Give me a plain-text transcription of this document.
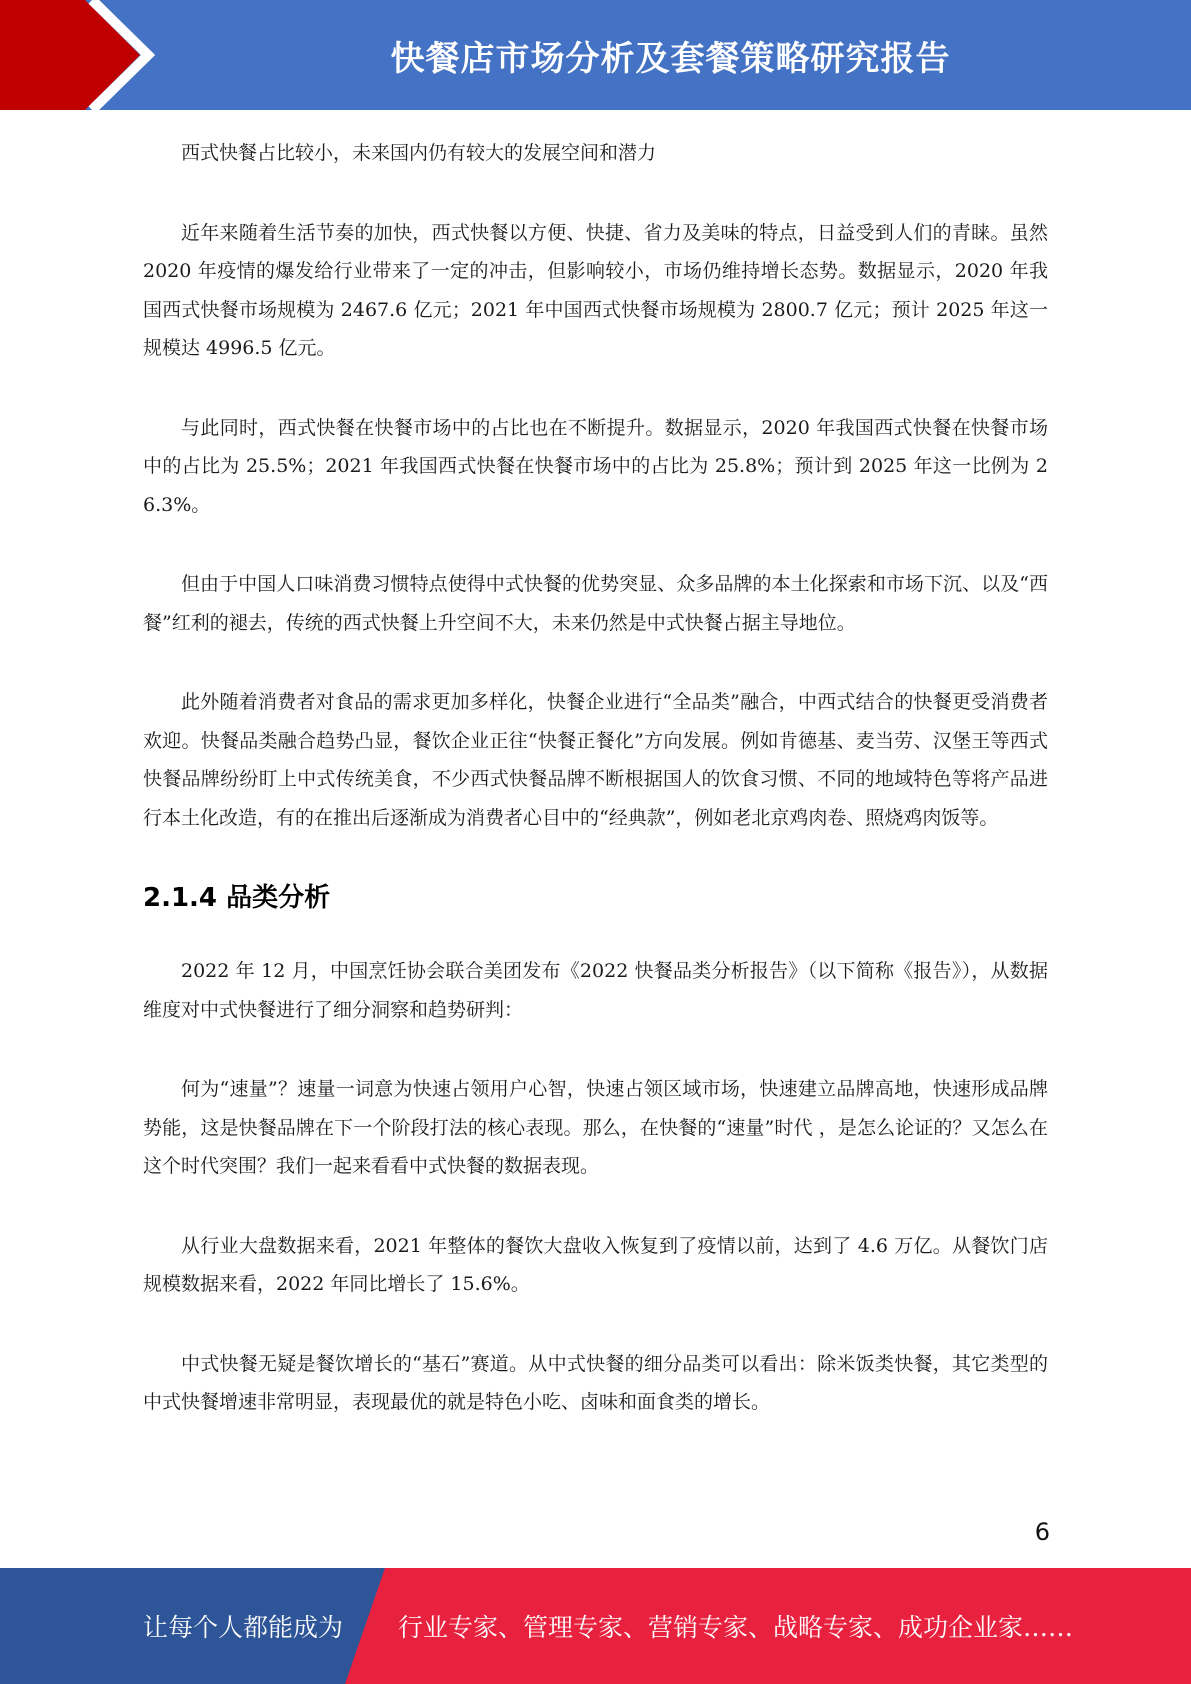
快餐店市场分析及套餐策略研究报告

西式快餐占比较小，未来国内仍有较大的发展空间和潜力

近年来随着生活节奏的加快，西式快餐以方便、快捷、省力及美味的特点，日益受到人们的青睐。虽然 2020 年疫情的爆发给行业带来了一定的冲击，但影响较小，市场仍维持增长态势。数据显示，2020 年我国西式快餐市场规模为 2467.6 亿元；2021 年中国西式快餐市场规模为 2800.7 亿元；预计 2025 年这一规模达 4996.5 亿元。

与此同时，西式快餐在快餐市场中的占比也在不断提升。数据显示，2020 年我国西式快餐在快餐市场中的占比为 25.5%；2021 年我国西式快餐在快餐市场中的占比为 25.8%；预计到 2025 年这一比例为 26.3%。

但由于中国人口味消费习惯特点使得中式快餐的优势突显、众多品牌的本土化探索和市场下沉、以及“西餐”红利的褪去，传统的西式快餐上升空间不大，未来仍然是中式快餐占据主导地位。

此外随着消费者对食品的需求更加多样化，快餐企业进行“全品类”融合，中西式结合的快餐更受消费者欢迎。快餐品类融合趋势凸显，餐饮企业正往“快餐正餐化”方向发展。例如肯德基、麦当劳、汉堡王等西式快餐品牌纷纷盯上中式传统美食，不少西式快餐品牌不断根据国人的饮食习惯、不同的地域特色等将产品进行本土化改造，有的在推出后逐渐成为消费者心目中的“经典款”，例如老北京鸡肉卷、照烧鸡肉饭等。

2.1.4 品类分析

2022 年 12 月，中国烹饪协会联合美团发布《2022 快餐品类分析报告》（以下简称《报告》），从数据维度对中式快餐进行了细分洞察和趋势研判：

何为“速量”？速量一词意为快速占领用户心智，快速占领区域市场，快速建立品牌高地，快速形成品牌势能，这是快餐品牌在下一个阶段打法的核心表现。那么，在快餐的“速量”时代 ，是怎么论证的？又怎么在这个时代突围？我们一起来看看中式快餐的数据表现。

从行业大盘数据来看，2021 年整体的餐饮大盘收入恢复到了疫情以前，达到了 4.6 万亿。从餐饮门店规模数据来看，2022 年同比增长了 15.6%。

中式快餐无疑是餐饮增长的“基石”赛道。从中式快餐的细分品类可以看出：除米饭类快餐，其它类型的中式快餐增速非常明显，表现最优的就是特色小吃、卤味和面食类的增长。

6
让每个人都能成为 行业专家、管理专家、营销专家、战略专家、成功企业家……
